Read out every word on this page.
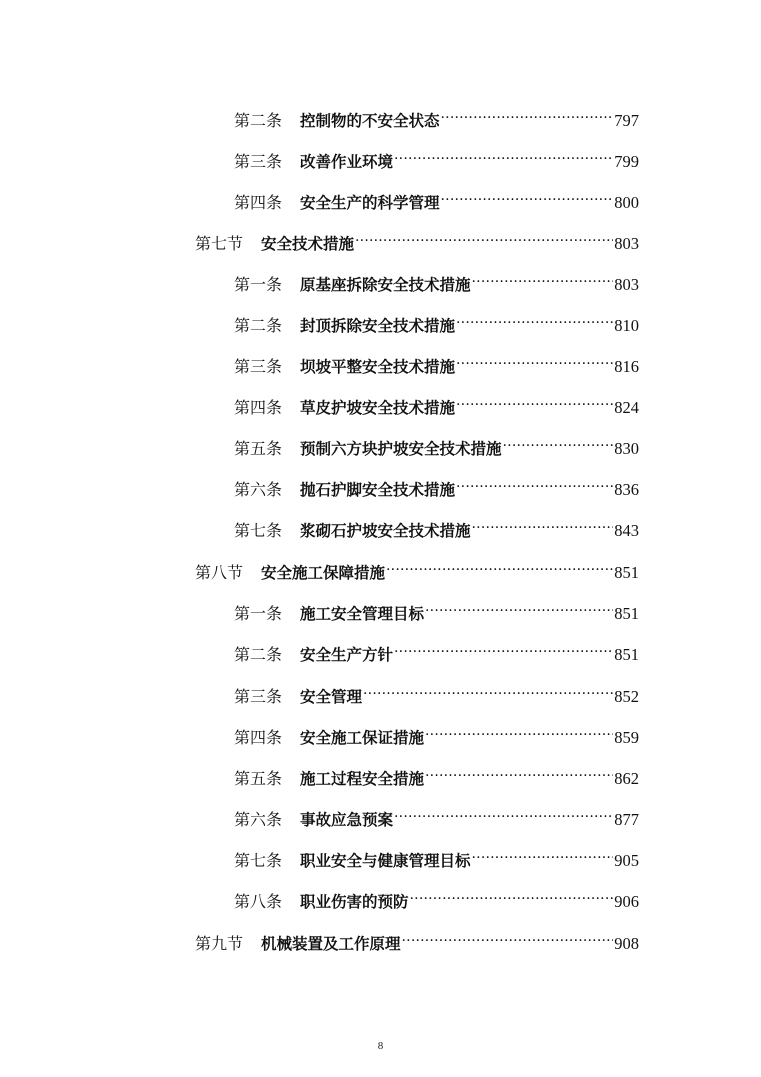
第二条	控制物的不安全状态 .....	797
第三条	改善作业环境 .....	799
第四条	安全生产的科学管理 .....	800
第七节	安全技术措施 .....	803
第一条	原基座拆除安全技术措施 .....	803
第二条	封顶拆除安全技术措施 .....	810
第三条	坝坡平整安全技术措施 .....	816
第四条	草皮护坡安全技术措施 .....	824
第五条	预制六方块护坡安全技术措施 .....	830
第六条	抛石护脚安全技术措施 .....	836
第七条	浆砌石护坡安全技术措施 .....	843
第八节	安全施工保障措施 .....	851
第一条	施工安全管理目标 .....	851
第二条	安全生产方针 .....	851
第三条	安全管理 .....	852
第四条	安全施工保证措施 .....	859
第五条	施工过程安全措施 .....	862
第六条	事故应急预案 .....	877
第七条	职业安全与健康管理目标 .....	905
第八条	职业伤害的预防 .....	906
第九节	机械装置及工作原理 .....	908
8
